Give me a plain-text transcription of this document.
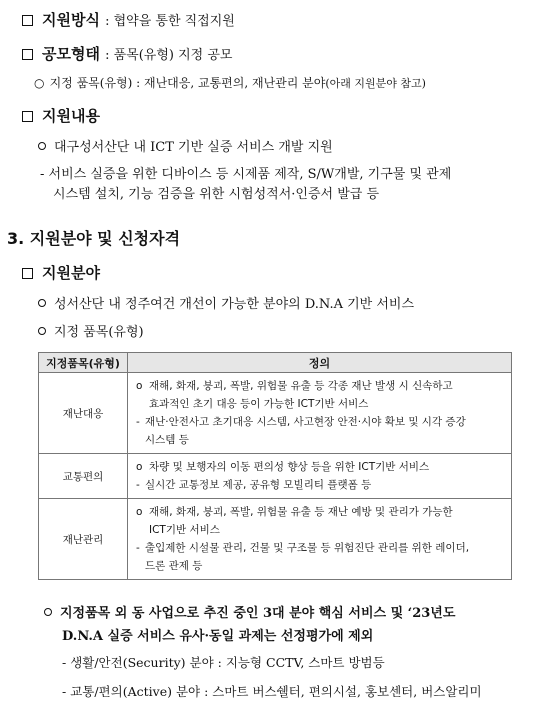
지원방식 : 협약을 통한 직접지원
공모형태 : 품목(유형) 지정 공모
○ 지정 품목(유형) : 재난대응, 교통편의, 재난관리 분야(아래 지원분야 참고)
지원내용
대구성서산단 내 ICT 기반 실증 서비스 개발 지원
- 서비스 실증을 위한 디바이스 등 시제품 제작, S/W개발, 기구물 및 관제
시스템 설치, 기능 검증을 위한 시험성적서·인증서 발급 등
3. 지원분야 및 신청자격
지원분야
성서산단 내 정주여건 개선이 가능한 분야의 D.N.A 기반 서비스
지정 품목(유형)
지정품목(유형)	정의
재난대응	o 재해, 화재, 붕괴, 폭발, 위험물 유출 등 각종 재난 발생 시 신속하고
효과적인 초기 대응 등이 가능한 ICT기반 서비스
- 재난·안전사고 초기대응 시스템, 사고현장 안전·시야 확보 및 시각 증강
시스템 등

교통편의	o 차량 및 보행자의 이동 편의성 향상 등을 위한 ICT기반 서비스
- 실시간 교통정보 제공, 공유형 모빌리티 플랫폼 등

재난관리	o 재해, 화재, 붕괴, 폭발, 위험물 유출 등 재난 예방 및 관리가 가능한
ICT기반 서비스
- 출입제한 시설물 관리, 건물 및 구조물 등 위험진단 관리를 위한 레이더,
드론 관제 등
지정품목 외 동 사업으로 추진 중인 3대 분야 핵심 서비스 및 ‘23년도
D.N.A 실증 서비스 유사·동일 과제는 선정평가에 제외
- 생활/안전(Security) 분야 : 지능형 CCTV, 스마트 방범등
- 교통/편의(Active) 분야 : 스마트 버스쉘터, 편의시설, 홍보센터, 버스알리미
